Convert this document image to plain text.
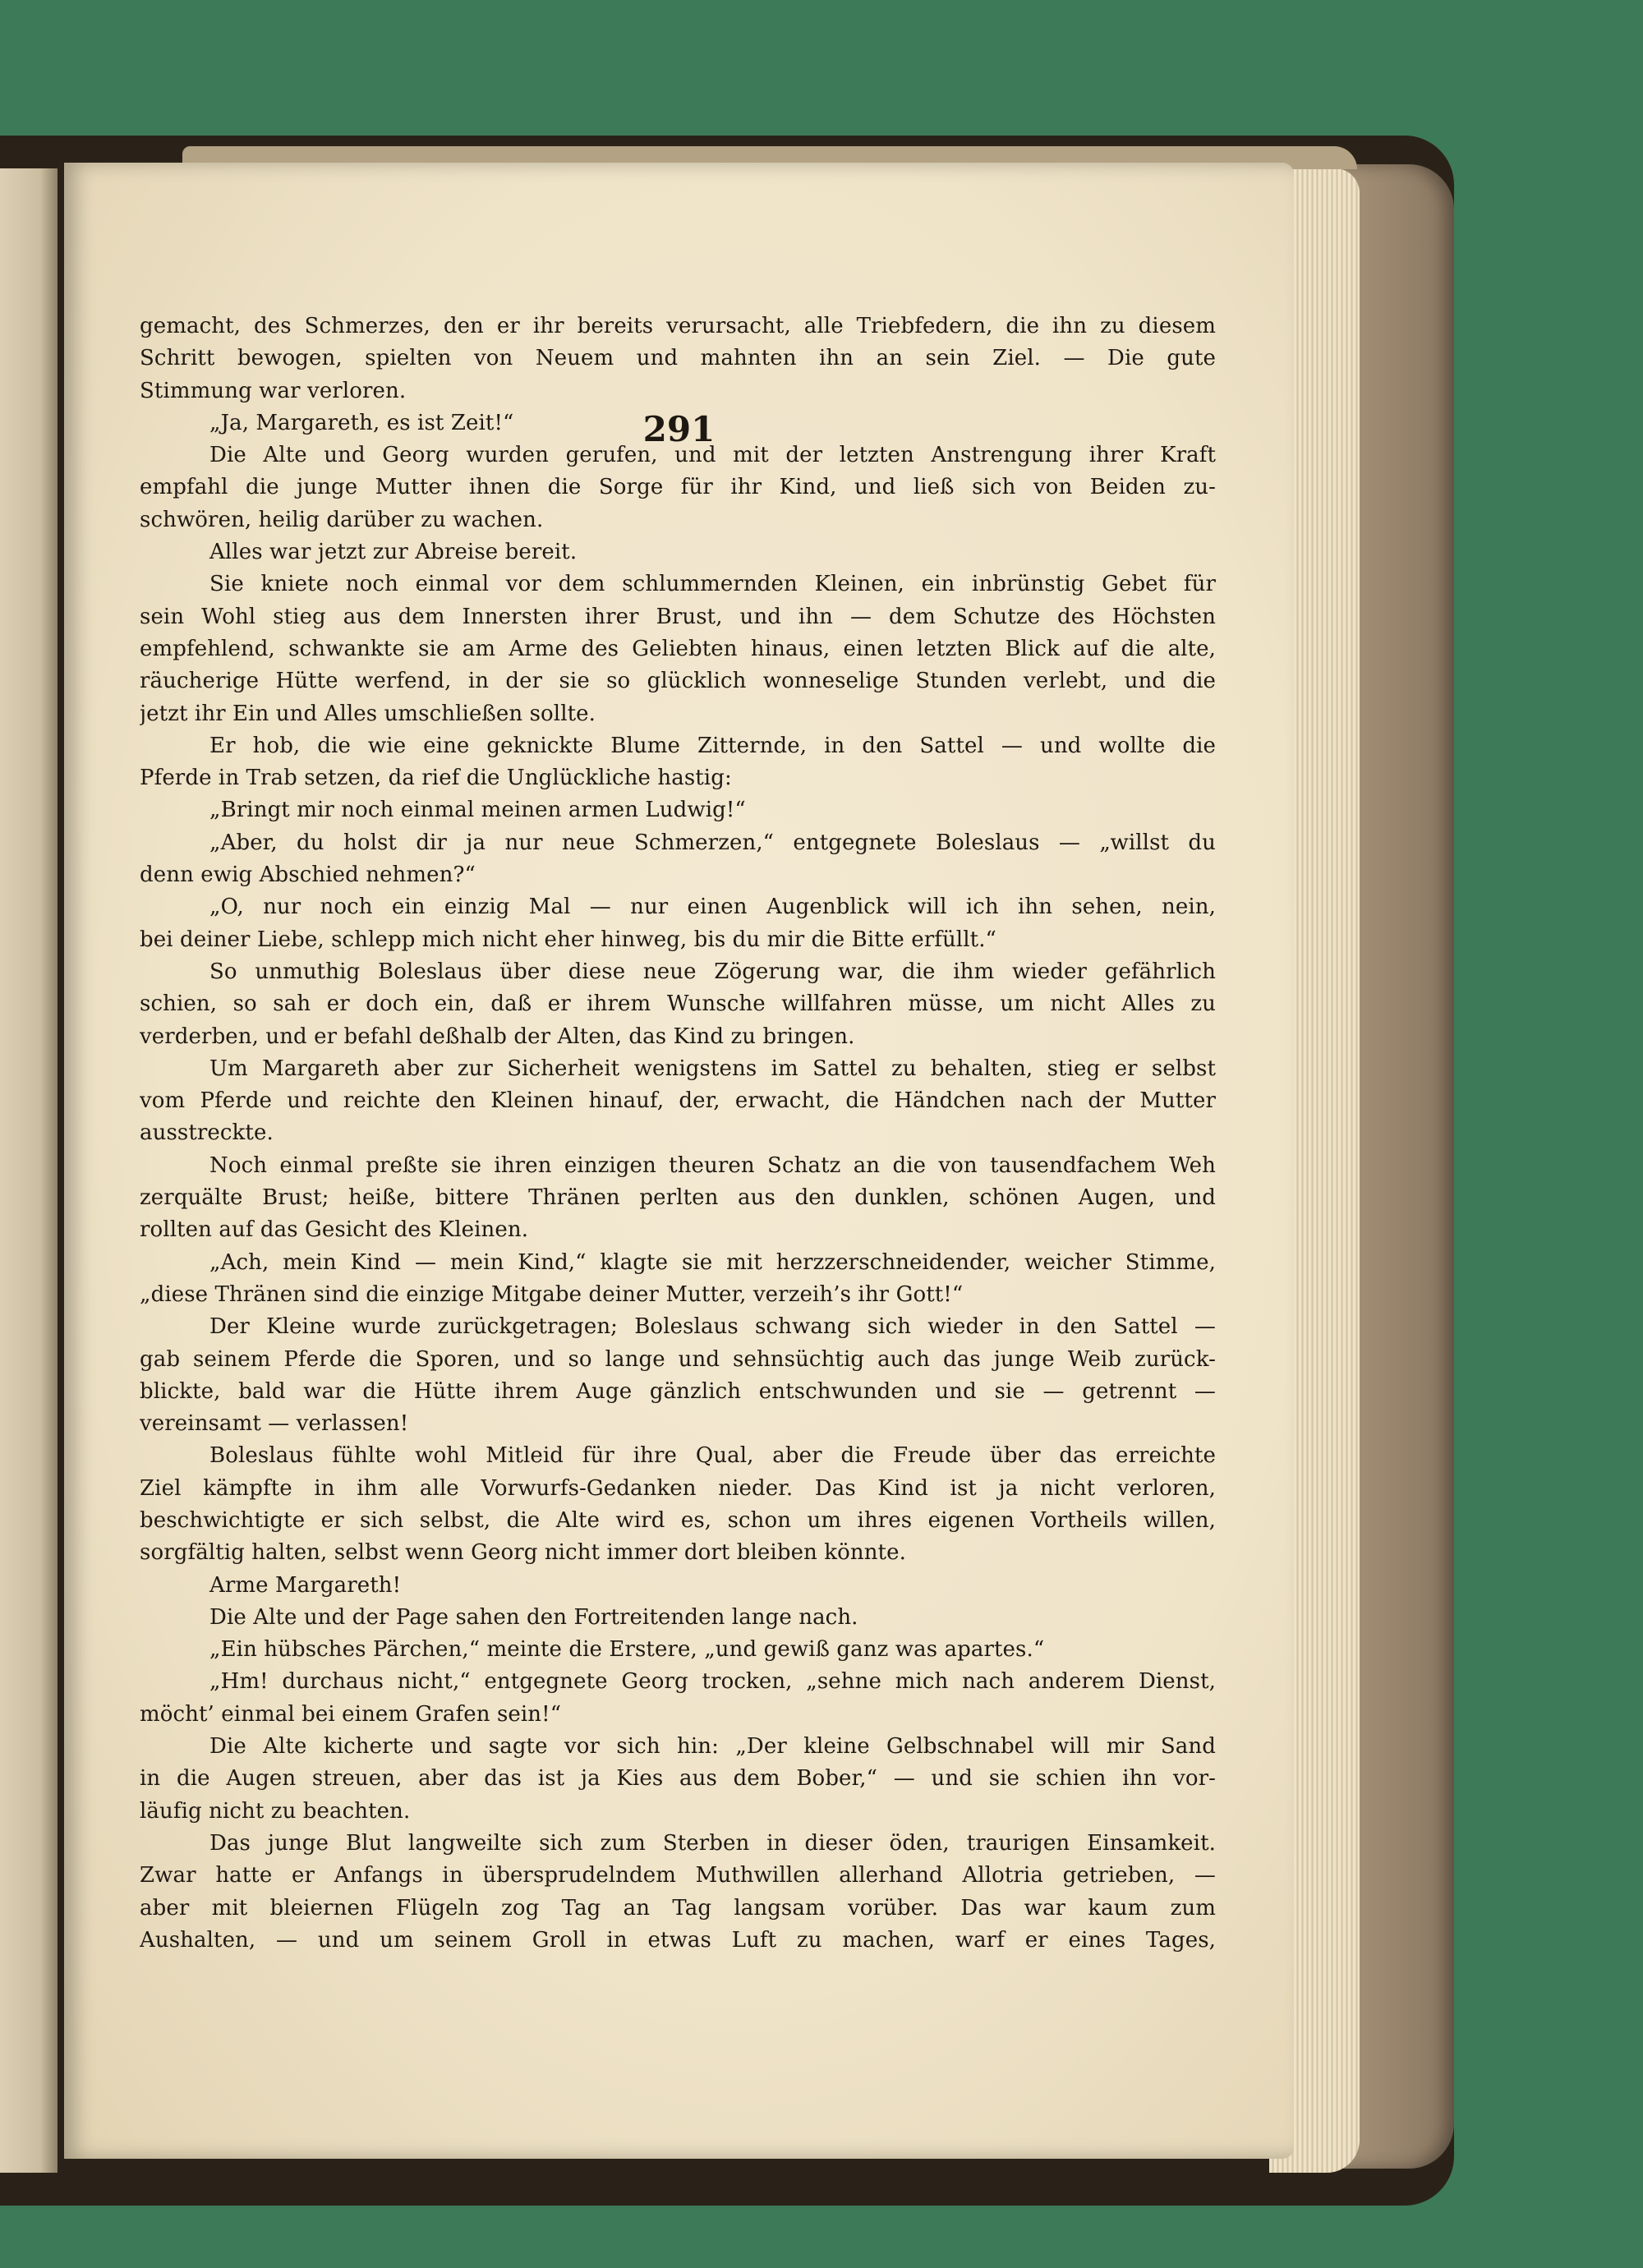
291
gemacht, des Schmerzes, den er ihr bereits verursacht, alle Triebfedern, die ihn zu diesem
Schritt bewogen, spielten von Neuem und mahnten ihn an sein Ziel. — Die gute
Stimmung war verloren.
„Ja, Margareth, es ist Zeit!“
Die Alte und Georg wurden gerufen, und mit der letzten Anstrengung ihrer Kraft
empfahl die junge Mutter ihnen die Sorge für ihr Kind, und ließ sich von Beiden zu-
schwören, heilig darüber zu wachen.
Alles war jetzt zur Abreise bereit.
Sie kniete noch einmal vor dem schlummernden Kleinen, ein inbrünstig Gebet für
sein Wohl stieg aus dem Innersten ihrer Brust, und ihn — dem Schutze des Höchsten
empfehlend, schwankte sie am Arme des Geliebten hinaus, einen letzten Blick auf die alte,
räucherige Hütte werfend, in der sie so glücklich wonneselige Stunden verlebt, und die
jetzt ihr Ein und Alles umschließen sollte.
Er hob, die wie eine geknickte Blume Zitternde, in den Sattel — und wollte die
Pferde in Trab setzen, da rief die Unglückliche hastig:
„Bringt mir noch einmal meinen armen Ludwig!“
„Aber, du holst dir ja nur neue Schmerzen,“ entgegnete Boleslaus — „willst du
denn ewig Abschied nehmen?“
„O, nur noch ein einzig Mal — nur einen Augenblick will ich ihn sehen, nein,
bei deiner Liebe, schlepp mich nicht eher hinweg, bis du mir die Bitte erfüllt.“
So unmuthig Boleslaus über diese neue Zögerung war, die ihm wieder gefährlich
schien, so sah er doch ein, daß er ihrem Wunsche willfahren müsse, um nicht Alles zu
verderben, und er befahl deßhalb der Alten, das Kind zu bringen.
Um Margareth aber zur Sicherheit wenigstens im Sattel zu behalten, stieg er selbst
vom Pferde und reichte den Kleinen hinauf, der, erwacht, die Händchen nach der Mutter
ausstreckte.
Noch einmal preßte sie ihren einzigen theuren Schatz an die von tausendfachem Weh
zerquälte Brust; heiße, bittere Thränen perlten aus den dunklen, schönen Augen, und
rollten auf das Gesicht des Kleinen.
„Ach, mein Kind — mein Kind,“ klagte sie mit herzzerschneidender, weicher Stimme,
„diese Thränen sind die einzige Mitgabe deiner Mutter, verzeih’s ihr Gott!“
Der Kleine wurde zurückgetragen; Boleslaus schwang sich wieder in den Sattel —
gab seinem Pferde die Sporen, und so lange und sehnsüchtig auch das junge Weib zurück-
blickte, bald war die Hütte ihrem Auge gänzlich entschwunden und sie — getrennt —
vereinsamt — verlassen!
Boleslaus fühlte wohl Mitleid für ihre Qual, aber die Freude über das erreichte
Ziel kämpfte in ihm alle Vorwurfs-Gedanken nieder. Das Kind ist ja nicht verloren,
beschwichtigte er sich selbst, die Alte wird es, schon um ihres eigenen Vortheils willen,
sorgfältig halten, selbst wenn Georg nicht immer dort bleiben könnte.
Arme Margareth!
Die Alte und der Page sahen den Fortreitenden lange nach.
„Ein hübsches Pärchen,“ meinte die Erstere, „und gewiß ganz was apartes.“
„Hm! durchaus nicht,“ entgegnete Georg trocken, „sehne mich nach anderem Dienst,
möcht’ einmal bei einem Grafen sein!“
Die Alte kicherte und sagte vor sich hin: „Der kleine Gelbschnabel will mir Sand
in die Augen streuen, aber das ist ja Kies aus dem Bober,“ — und sie schien ihn vor-
läufig nicht zu beachten.
Das junge Blut langweilte sich zum Sterben in dieser öden, traurigen Einsamkeit.
Zwar hatte er Anfangs in übersprudelndem Muthwillen allerhand Allotria getrieben, —
aber mit bleiernen Flügeln zog Tag an Tag langsam vorüber. Das war kaum zum
Aushalten, — und um seinem Groll in etwas Luft zu machen, warf er eines Tages,
